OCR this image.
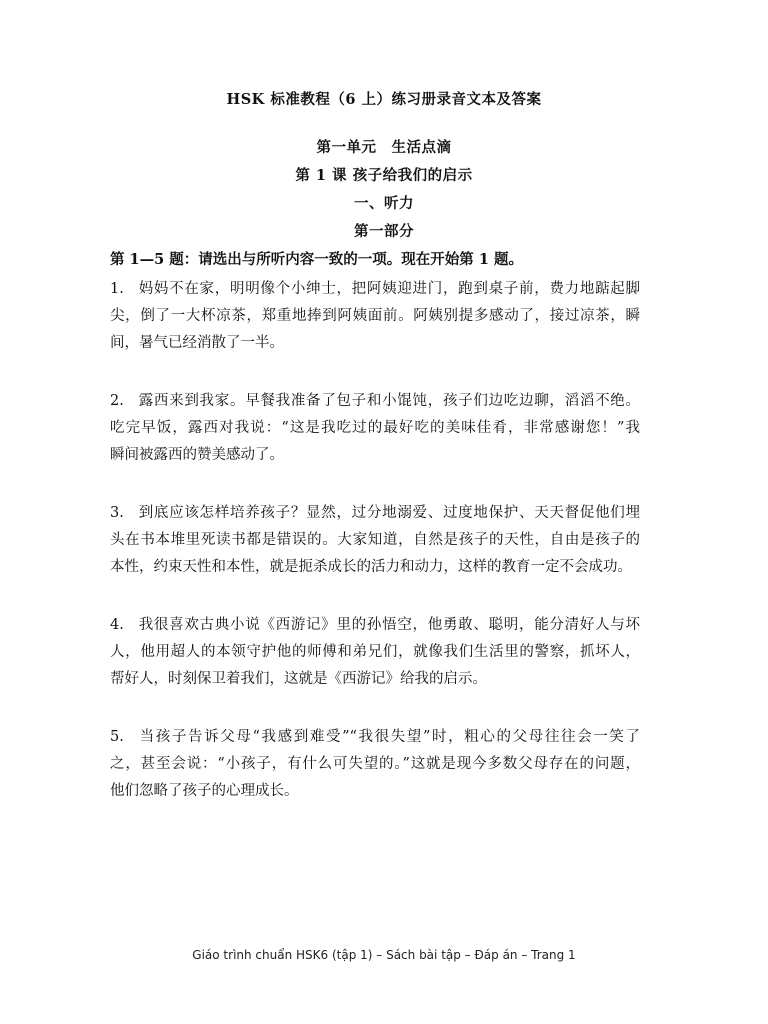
HSK 标准教程（6 上）练习册录音文本及答案
第一单元　生活点滴
第 1 课 孩子给我们的启示
一、听力
第一部分
第 1—5 题：请选出与所听内容一致的一项。现在开始第 1 题。
1. 妈妈不在家，明明像个小绅士，把阿姨迎进门，跑到桌子前，费力地踮起脚
尖，倒了一大杯凉茶，郑重地捧到阿姨面前。阿姨别提多感动了，接过凉茶，瞬
间，暑气已经消散了一半。
2. 露西来到我家。早餐我准备了包子和小馄饨，孩子们边吃边聊，滔滔不绝。
吃完早饭，露西对我说：“这是我吃过的最好吃的美味佳肴，非常感谢您！”我
瞬间被露西的赞美感动了。
3. 到底应该怎样培养孩子？显然，过分地溺爱、过度地保护、天天督促他们埋
头在书本堆里死读书都是错误的。大家知道，自然是孩子的天性，自由是孩子的
本性，约束天性和本性，就是扼杀成长的活力和动力，这样的教育一定不会成功。
4. 我很喜欢古典小说《西游记》里的孙悟空，他勇敢、聪明，能分清好人与坏
人，他用超人的本领守护他的师傅和弟兄们，就像我们生活里的警察，抓坏人，
帮好人，时刻保卫着我们，这就是《西游记》给我的启示。
5. 当孩子告诉父母“我感到难受”“我很失望”时，粗心的父母往往会一笑了
之，甚至会说：“小孩子，有什么可失望的。”这就是现今多数父母存在的问题，
他们忽略了孩子的心理成长。
Giáo trình chuẩn HSK6 (tập 1) – Sách bài tập – Đáp án – Trang 1
